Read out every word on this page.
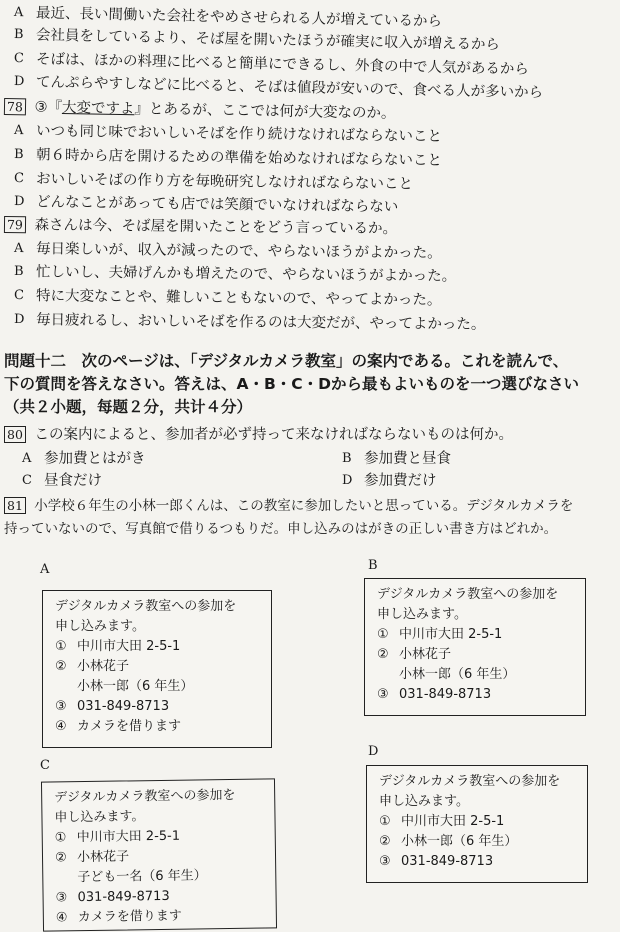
A 最近、長い間働いた会社をやめさせられる人が増えているから
B 会社員をしているより、そば屋を開いたほうが確実に収入が増えるから
C そばは、ほかの料理に比べると簡単にできるし、外食の中で人気があるから
D てんぷらやすしなどに比べると、そばは値段が安いので、食べる人が多いから
78 ③『大変ですよ』とあるが、ここでは何が大変なのか。
A いつも同じ味でおいしいそばを作り続けなければならないこと
B 朝６時から店を開けるための準備を始めなければならないこと
C おいしいそばの作り方を毎晩研究しなければならないこと
D どんなことがあっても店では笑顔でいなければならない
79 森さんは今、そば屋を開いたことをどう言っているか。
A 毎日楽しいが、収入が減ったので、やらないほうがよかった。
B 忙しいし、夫婦げんかも増えたので、やらないほうがよかった。
C 特に大変なことや、難しいこともないので、やってよかった。
D 毎日疲れるし、おいしいそばを作るのは大変だが、やってよかった。
問題十二　次のページは、「デジタルカメラ教室」の案内である。これを読んで、
下の質問を答えなさい。答えは、A・B・C・Dから最もよいものを一つ選びなさい
（共２小题，每题２分，共计４分）
80 この案内によると、参加者が必ず持って来なければならないものは何か。
A 参加費とはがき	B 参加費と昼食
C 昼食だけ	D 参加費だけ
81 小学校６年生の小林一郎くんは、この教室に参加したいと思っている。デジタルカメラを
持っていないので、写真館で借りるつもりだ。申し込みのはがきの正しい書き方はどれか。
A	B
C
D
デジタルカメラ教室への参加を
申し込みます。
① 中川市大田 2-5-1
② 小林花子
小林一郎（6 年生）
③ 031-849-8713
④ カメラを借ります
デジタルカメラ教室への参加を
申し込みます。
① 中川市大田 2-5-1
② 小林花子
小林一郎（6 年生）
③ 031-849-8713
デジタルカメラ教室への参加を
申し込みます。
① 中川市大田 2-5-1
② 小林花子
子ども一名（6 年生）
③ 031-849-8713
④ カメラを借ります
デジタルカメラ教室への参加を
申し込みます。
① 中川市大田 2-5-1
② 小林一郎（6 年生）
③ 031-849-8713
